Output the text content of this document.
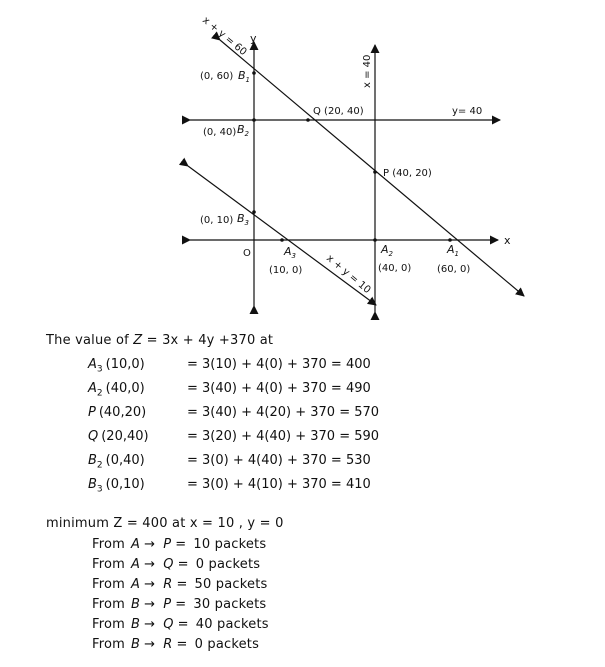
x + y = 60
x + y = 10
x = 40
y= 40
x
y
O
(0, 60) $B_1$
(0, 40) $B_2$
(0, 10) $B_3$
Q (20, 40)
P (40, 20)
$A_3$
(10, 0)
$A_2$
(40, 0)
$A_1$
(60, 0)
The value of Z = 3x + 4y +370 at
$A_3$ (10,0)	= 3(10) + 4(0) + 370 = 400
$A_2$ (40,0)	= 3(40) + 4(0) + 370 = 490
P (40,20)	= 3(40) + 4(20) + 370 = 570
Q (20,40)	= 3(20) + 4(40) + 370 = 590
$B_2$ (0,40)	= 3(0) + 4(40) + 370 = 530
$B_3$ (0,10)	= 3(0) + 4(10) + 370 = 410
minimum Z = 400 at x = 10 , y = 0
From A → P = 10 packets
From A → Q = 0 packets
From A → R = 50 packets
From B → P = 30 packets
From B → Q = 40 packets
From B → R = 0 packets
